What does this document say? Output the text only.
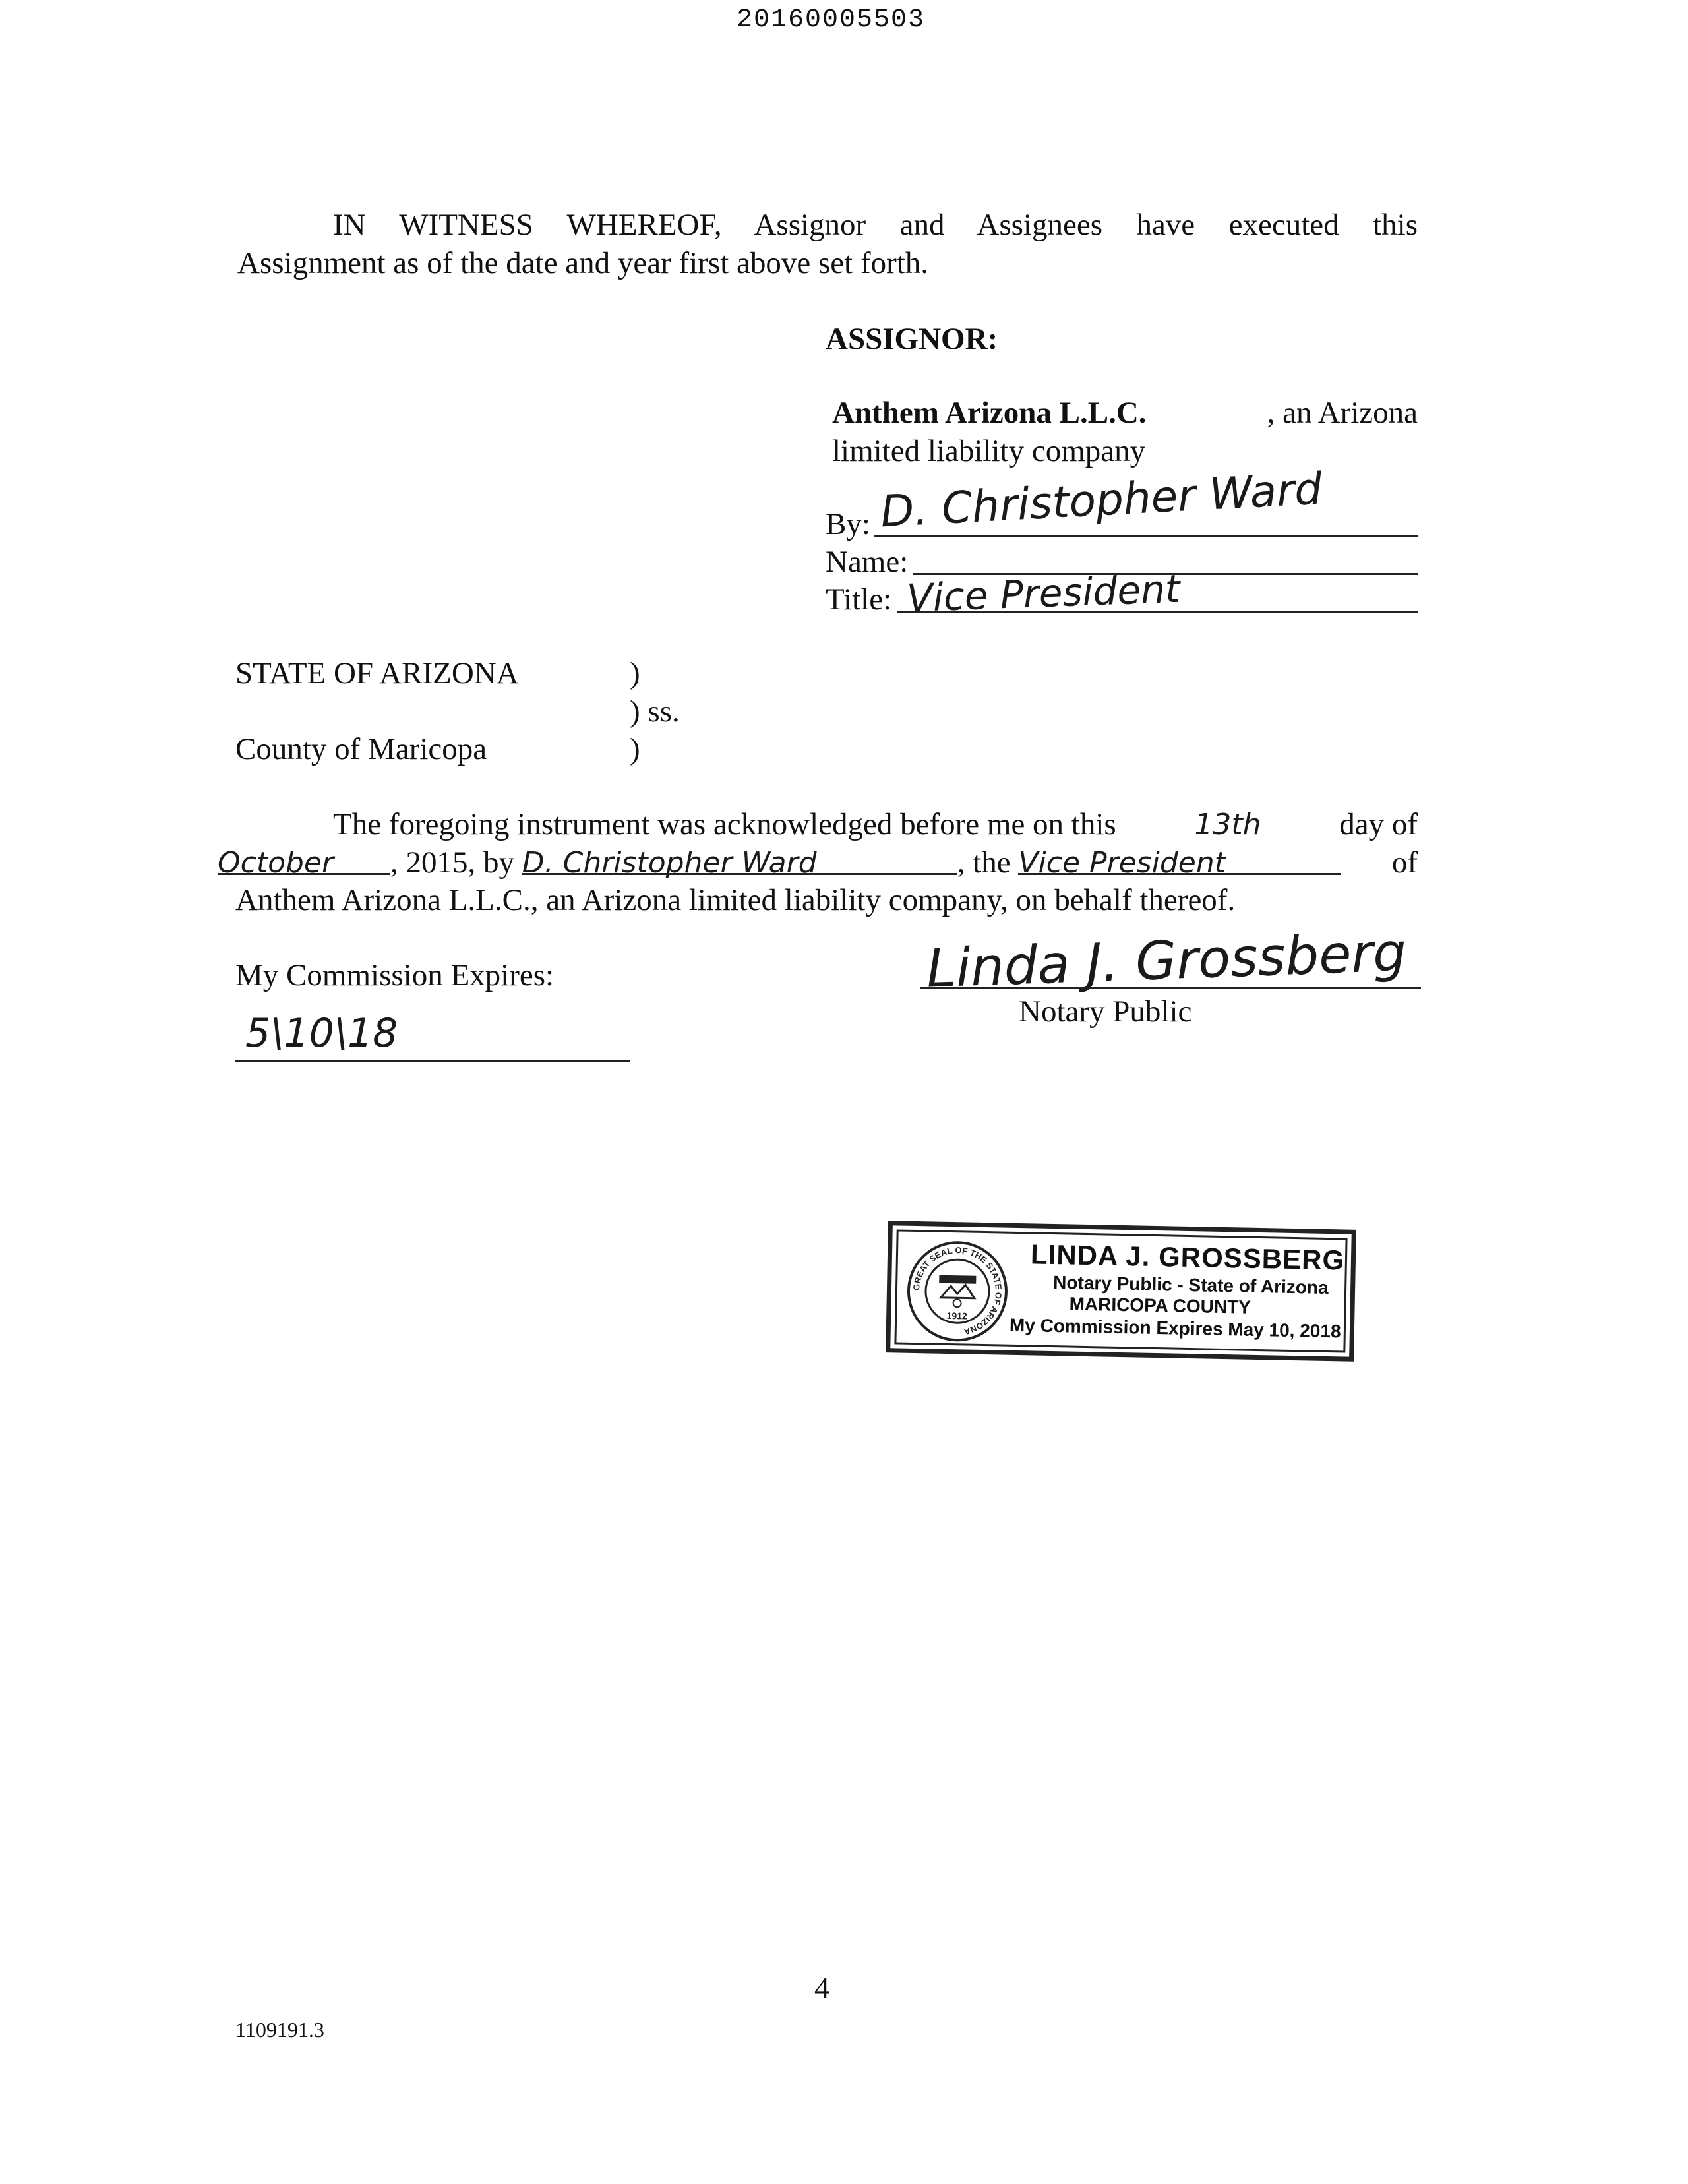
20160005503
IN WITNESS WHEREOF, Assignor and Assignees have executed this
Assignment as of the date and year first above set forth.
ASSIGNOR:
Anthem Arizona L.L.C.	, an Arizona
limited liability company
By: D. Christopher Ward
Name:
Title: Vice President
STATE OF ARIZONA	)
) ss.
County of Maricopa	)
The foregoing instrument was acknowledged before me on this	13th	day of
October , 2015, by D. Christopher Ward	, the Vice President	of
Anthem Arizona L.L.C., an Arizona limited liability company, on behalf thereof.
My Commission Expires:
5\10\18
Linda J. Grossberg
Notary Public
GREAT SEAL OF THE STATE OF ARIZONA
1912
LINDA J. GROSSBERG
Notary Public - State of Arizona
MARICOPA COUNTY
My Commission Expires May 10, 2018
4
1109191.3
